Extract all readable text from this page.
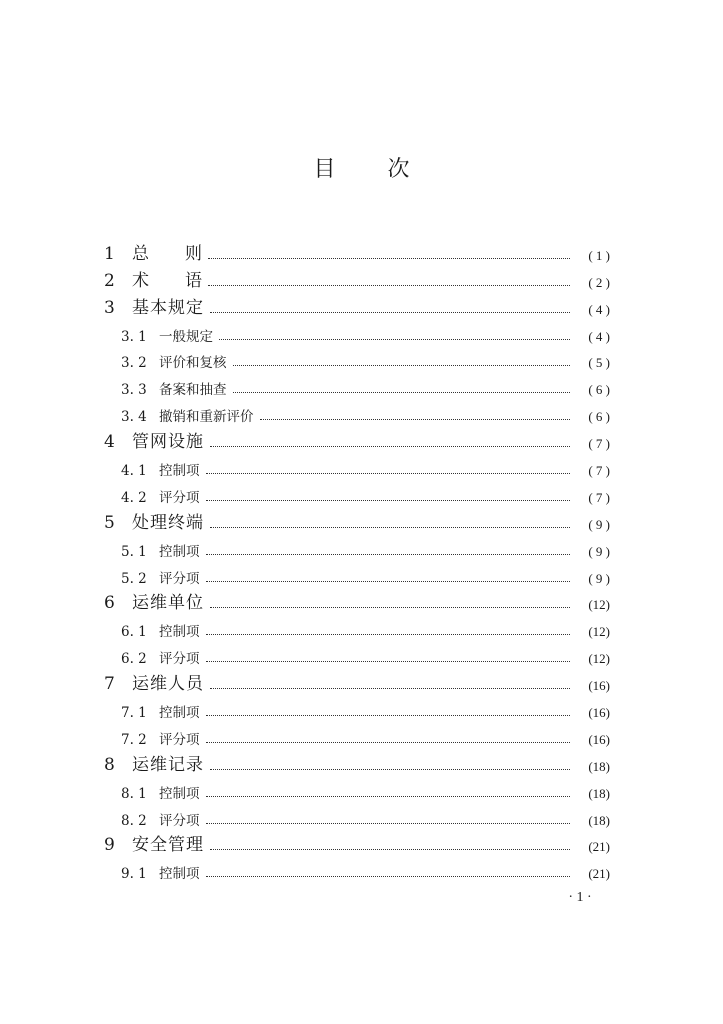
目 次
1	总 则	( 1 )
2	术 语	( 2 )
3	基本规定	( 4 )
3. 1 一般规定	( 4 )
3. 2 评价和复核	( 5 )
3. 3 备案和抽查	( 6 )
3. 4 撤销和重新评价	( 6 )
4	管网设施	( 7 )
4. 1 控制项	( 7 )
4. 2 评分项	( 7 )
5	处理终端	( 9 )
5. 1 控制项	( 9 )
5. 2 评分项	( 9 )
6	运维单位	(12)
6. 1 控制项	(12)
6. 2 评分项	(12)
7	运维人员	(16)
7. 1 控制项	(16)
7. 2 评分项	(16)
8	运维记录	(18)
8. 1 控制项	(18)
8. 2 评分项	(18)
9	安全管理	(21)
9. 1 控制项	(21)
· 1 ·
